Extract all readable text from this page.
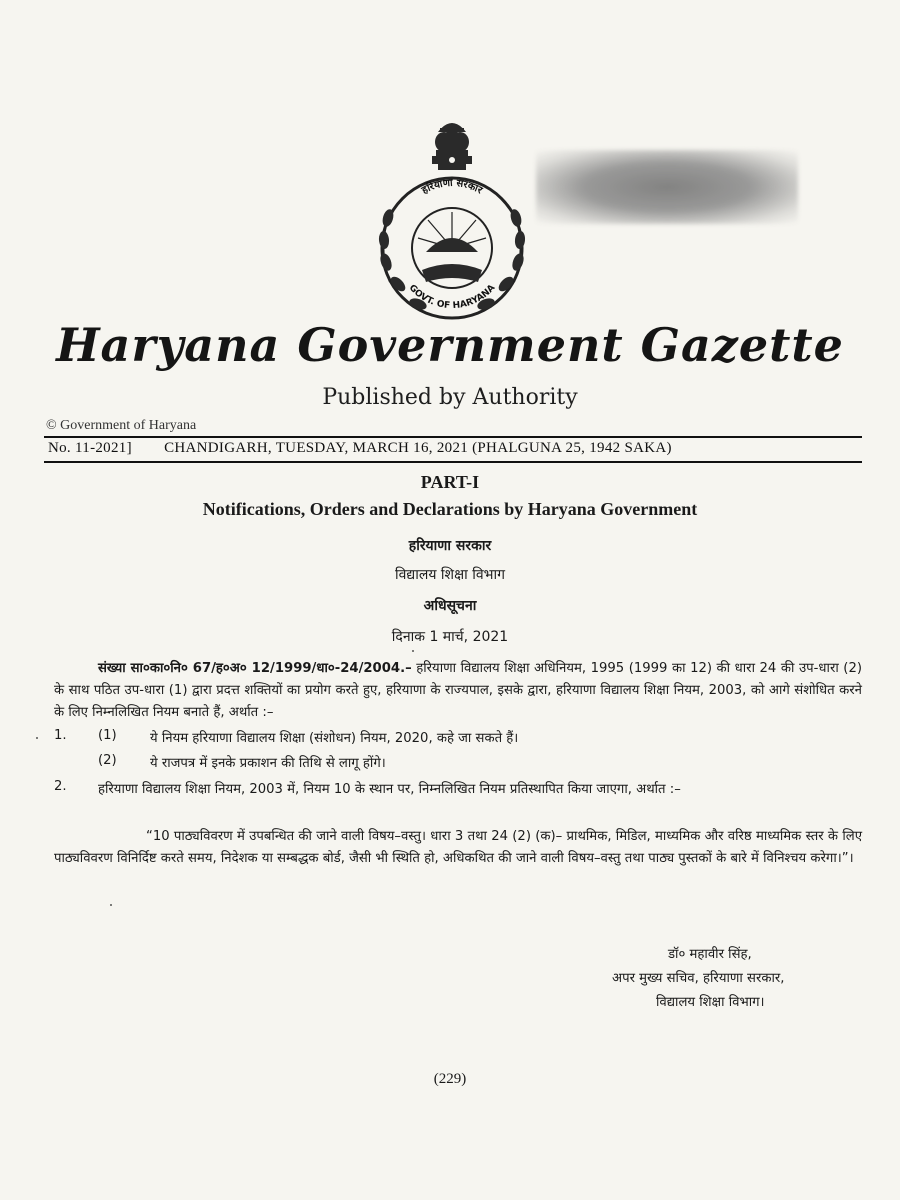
हरियाणा सरकार
GOVT. OF HARYANA
Haryana Government Gazette
Published by Authority
© Government of Haryana
No. 11-2021] CHANDIGARH, TUESDAY, MARCH 16, 2021 (PHALGUNA 25, 1942 SAKA)
PART-I
Notifications, Orders and Declarations by Haryana Government
हरियाणा सरकार
विद्यालय शिक्षा विभाग
अधिसूचना
दिनाक 1 मार्च, 2021
संख्या सा०का०नि० 67/ह०अ० 12/1999/धा०-24/2004.– हरियाणा विद्यालय शिक्षा अधिनियम, 1995 (1999 का 12) की धारा 24 की उप-धारा (2) के साथ पठित उप-धारा (1) द्वारा प्रदत्त शक्तियों का प्रयोग करते हुए, हरियाणा के राज्यपाल, इसके द्वारा, हरियाणा विद्यालय शिक्षा नियम, 2003, को आगे संशोधित करने के लिए निम्नलिखित नियम बनाते हैं, अर्थात :–
1. (1)	ये नियम हरियाणा विद्यालय शिक्षा (संशोधन) नियम, 2020, कहे जा सकते हैं।
(2)	ये राजपत्र में इनके प्रकाशन की तिथि से लागू होंगे।
2. हरियाणा विद्यालय शिक्षा नियम, 2003 में, नियम 10 के स्थान पर, निम्नलिखित नियम प्रतिस्थापित किया जाएगा, अर्थात :–
“10 पाठ्यविवरण में उपबन्धित की जाने वाली विषय–वस्तु। धारा 3 तथा 24 (2) (क)– प्राथमिक, मिडिल, माध्यमिक और वरिष्ठ माध्यमिक स्तर के लिए पाठ्यविवरण विनिर्दिष्ट करते समय, निदेशक या सम्बद्धक बोर्ड, जैसी भी स्थिति हो, अधिकथित की जाने वाली विषय–वस्तु तथा पाठ्य पुस्तकों के बारे में विनिश्चय करेगा।”।
डॉ० महावीर सिंह,
अपर मुख्य सचिव, हरियाणा सरकार,
विद्यालय शिक्षा विभाग।
(229)
